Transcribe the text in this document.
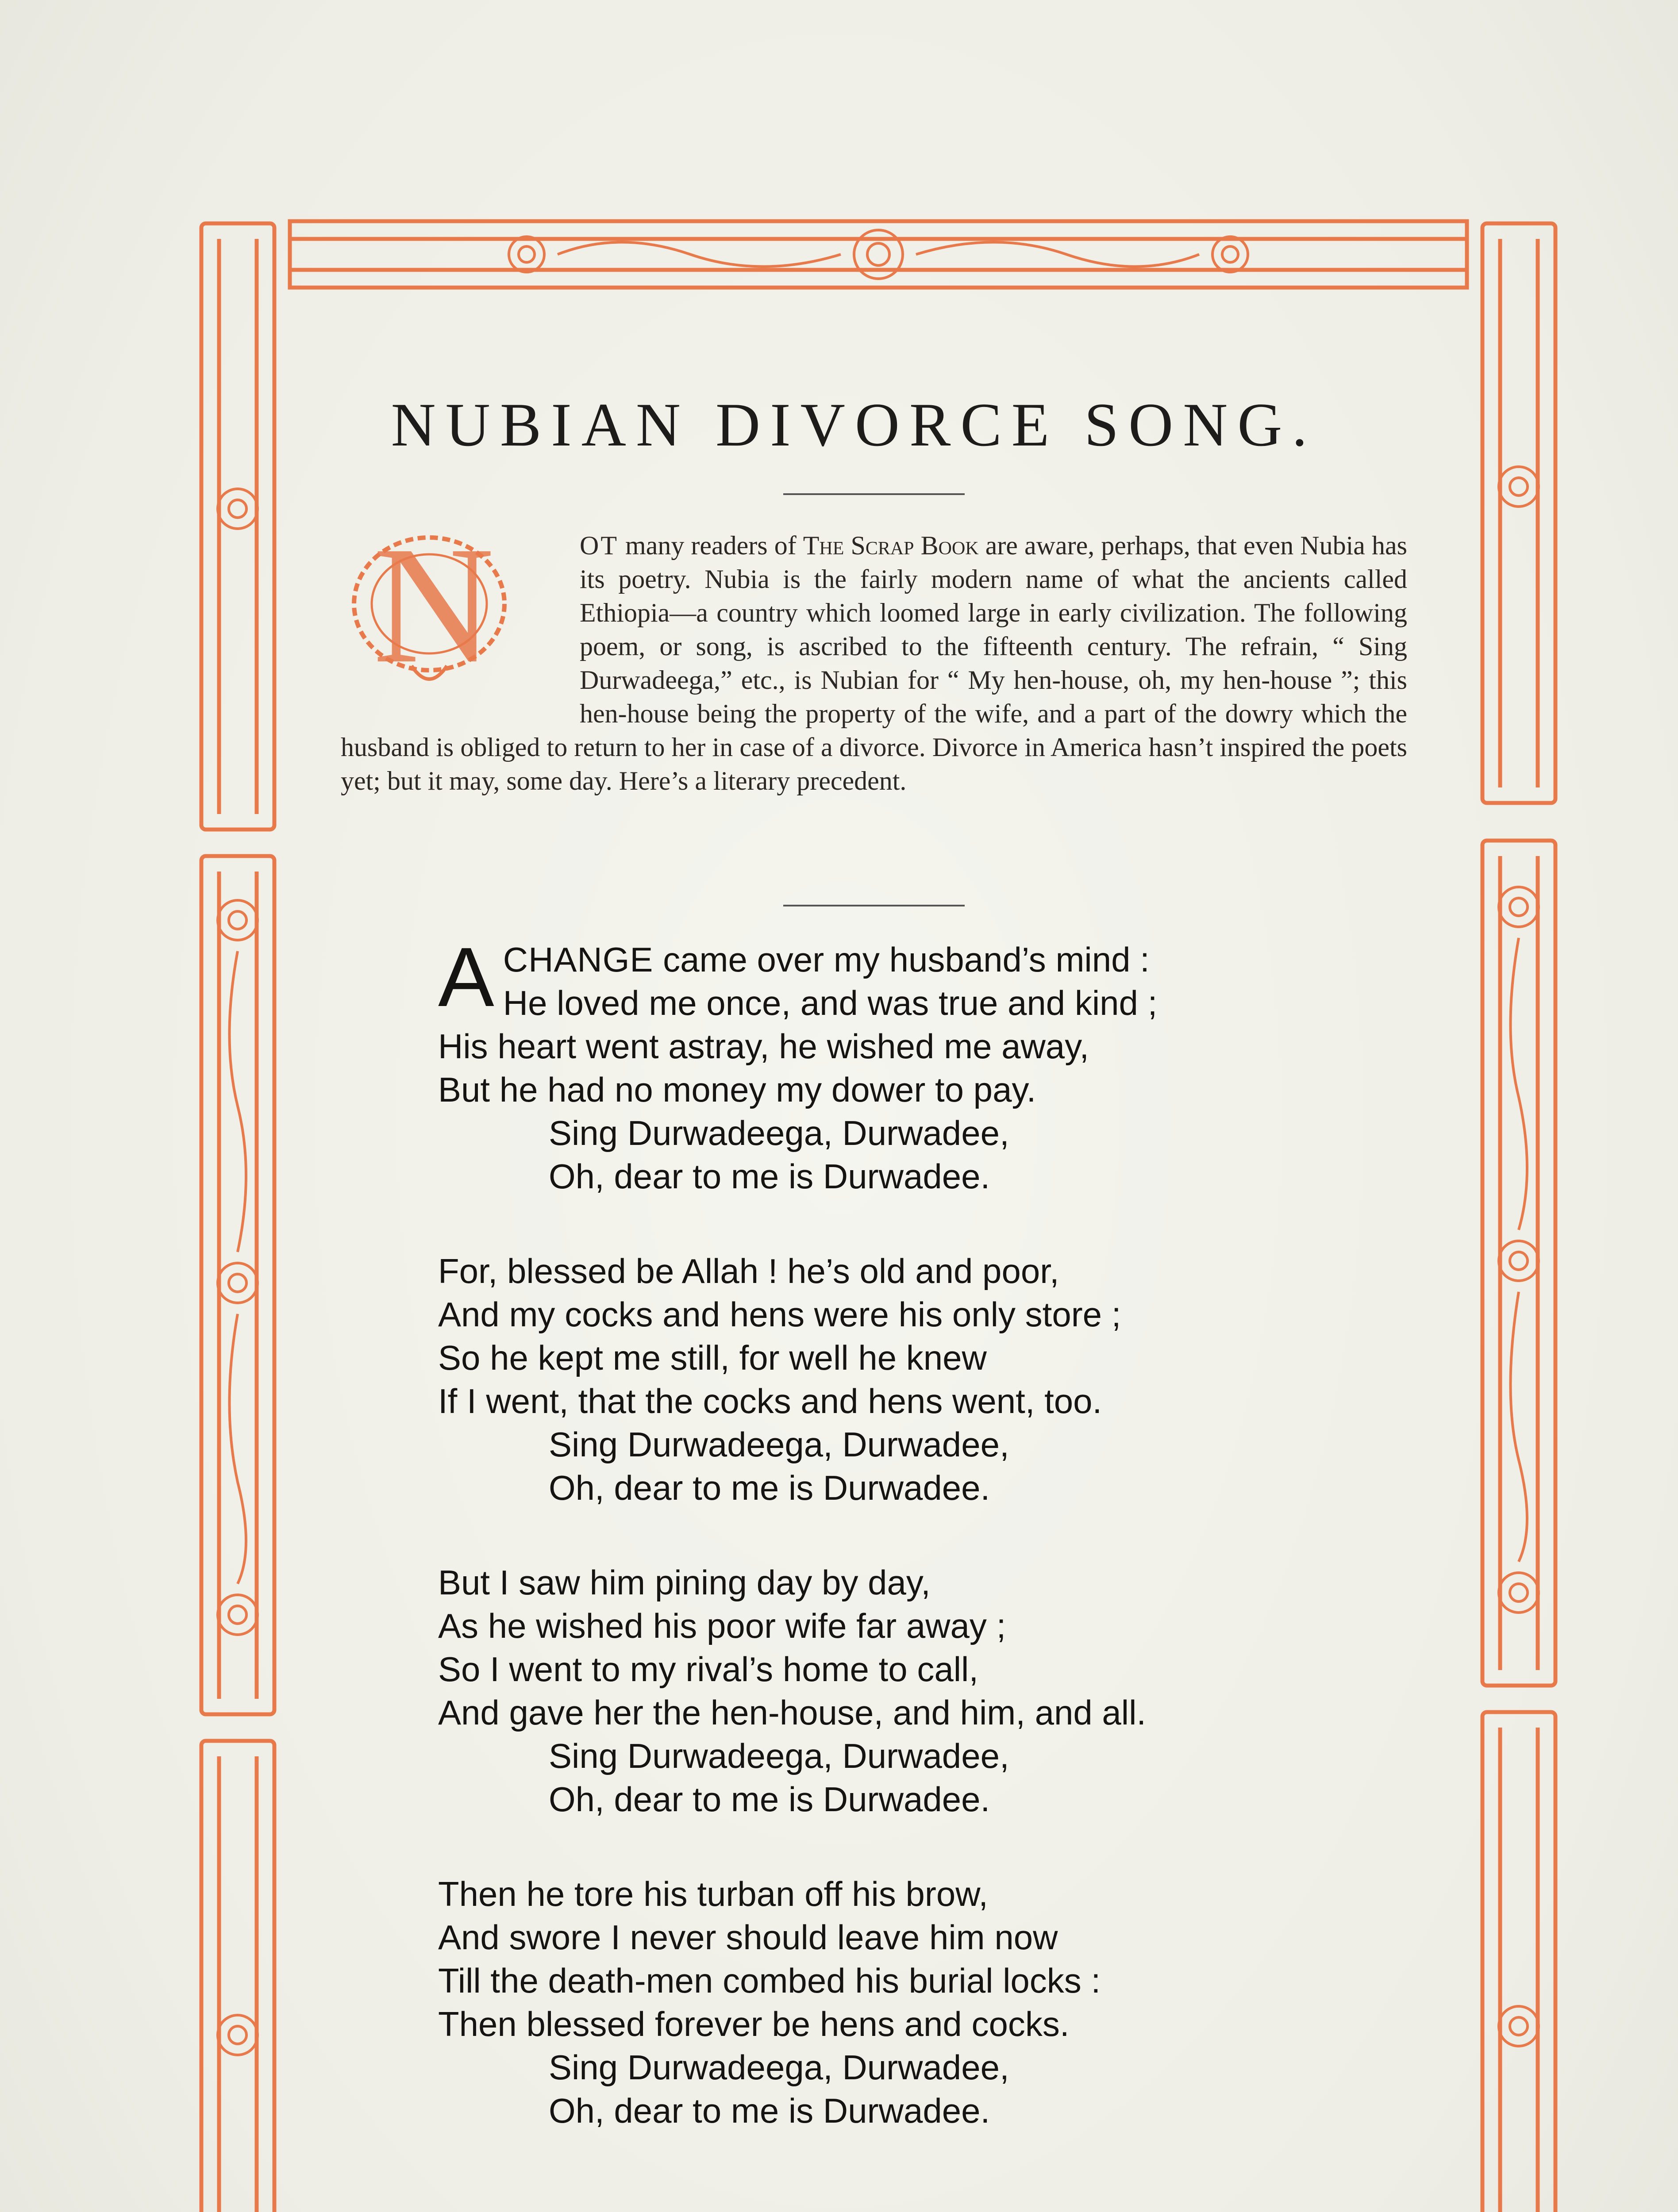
NUBIAN DIVORCE SONG.
N	OT many readers of The Scrap Book are aware, perhaps, that even Nubia has its poetry. Nubia is the fairly modern name of what the ancients called Ethiopia—a country which loomed large in early civilization. The following poem, or song, is ascribed to the fifteenth century. The refrain, “ Sing Durwadeega,” etc., is Nubian for “ My hen-house, oh, my hen-house ”; this hen-house being the property of the wife, and a part of the dowry which the husband is obliged to return to her in case of a divorce. Divorce in America hasn’t inspired the poets yet; but it may, some day. Here’s a literary precedent.

A CHANGE came over my husband’s mind :
He loved me once, and was true and kind ;
His heart went astray, he wished me away,
But he had no money my dower to pay.
Sing Durwadeega, Durwadee,
Oh, dear to me is Durwadee.
For, blessed be Allah ! he’s old and poor,
And my cocks and hens were his only store ;
So he kept me still, for well he knew
If I went, that the cocks and hens went, too.
Sing Durwadeega, Durwadee,
Oh, dear to me is Durwadee.
But I saw him pining day by day,
As he wished his poor wife far away ;
So I went to my rival’s home to call,
And gave her the hen-house, and him, and all.
Sing Durwadeega, Durwadee,
Oh, dear to me is Durwadee.
Then he tore his turban off his brow,
And swore I never should leave him now
Till the death-men combed his burial locks :
Then blessed forever be hens and cocks.
Sing Durwadeega, Durwadee,
Oh, dear to me is Durwadee.
